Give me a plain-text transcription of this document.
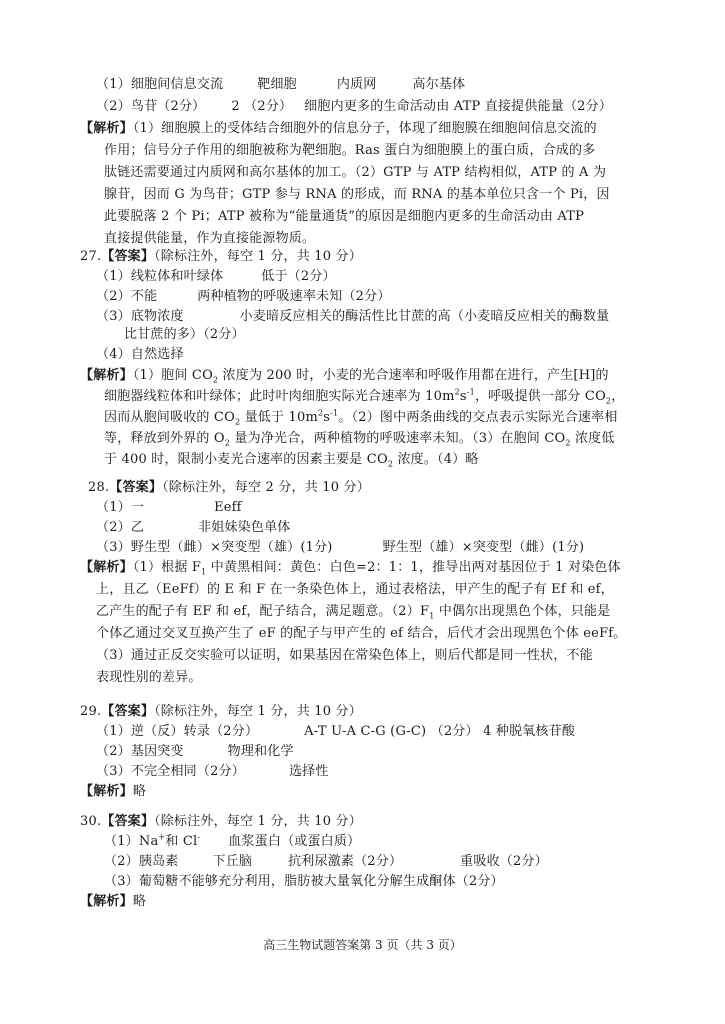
（1）细胞间信息交流	靶细胞	内质网	高尔基体
（2）鸟苷（2分） 2 （2分） 细胞内更多的生命活动由 ATP 直接提供能量（2分）
【解析】（1）细胞膜上的受体结合细胞外的信息分子，体现了细胞膜在细胞间信息交流的
作用；信号分子作用的细胞被称为靶细胞。Ras 蛋白为细胞膜上的蛋白质，合成的多
肽链还需要通过内质网和高尔基体的加工。（2）GTP 与 ATP 结构相似，ATP 的 A 为
腺苷，因而 G 为鸟苷；GTP 参与 RNA 的形成，而 RNA 的基本单位只含一个 Pi，因
此要脱落 2 个 Pi；ATP 被称为“能量通货”的原因是细胞内更多的生命活动由 ATP
直接提供能量，作为直接能源物质。
27.【答案】（除标注外，每空 1 分，共 10 分）
（1）线粒体和叶绿体	低于（2分）
（2）不能	两种植物的呼吸速率未知（2分）
（3）底物浓度	小麦暗反应相关的酶活性比甘蔗的高（小麦暗反应相关的酶数量
比甘蔗的多）（2分）
（4）自然选择
【解析】（1）胞间 $CO_2$ 浓度为 200 时，小麦的光合速率和呼吸作用都在进行，产生[H]的
细胞器线粒体和叶绿体；此时叶肉细胞实际光合速率为 $10m^2s^{-1}$，呼吸提供一部分 $CO_2$，
因而从胞间吸收的 $CO_2$ 量低于 $10m^2s^{-1}$。（2）图中两条曲线的交点表示实际光合速率相
等，释放到外界的 $O_2$ 量为净光合，两种植物的呼吸速率未知。（3）在胞间 $CO_2$ 浓度低
于 400 时，限制小麦光合速率的因素主要是 $CO_2$ 浓度。（4）略
28.【答案】（除标注外，每空 2 分，共 10 分）
（1）一	Eeff
（2）乙	非姐妹染色单体
（3）野生型（雌）×突变型（雄）(1分)	野生型（雄）×突变型（雌）(1分)
【解析】（1）根据 $F_1$ 中黄黑相间：黄色：白色=2：1：1，推导出两对基因位于 1 对染色体
上，且乙（EeFf）的 E 和 F 在一条染色体上，通过表格法，甲产生的配子有 Ef 和 ef，
乙产生的配子有 EF 和 ef，配子结合，满足题意。$(2)F_1$ 中偶尔出现黑色个体，只能是
个体乙通过交叉互换产生了 eF 的配子与甲产生的 ef 结合，后代才会出现黑色个体 eeFf。
（3）通过正反交实验可以证明，如果基因在常染色体上，则后代都是同一性状，不能
表现性别的差异。
29.【答案】（除标注外，每空 1 分，共 10 分）
（1）逆（反）转录（2分）	A-T U-A C-G (G-C) （2分） 4 种脱氧核苷酸
（2）基因突变	物理和化学
（3）不完全相同（2分）	选择性
【解析】略
30.【答案】（除标注外，每空 1 分，共 10 分）
（1）Na+和 Cl- 血浆蛋白（或蛋白质）
（2）胰岛素	下丘脑	抗利尿激素（2分）	重吸收（2分）
（3）葡萄糖不能够充分利用，脂肪被大量氧化分解生成酮体（2分）
【解析】略
高三生物试题答案第 3 页（共 3 页）
